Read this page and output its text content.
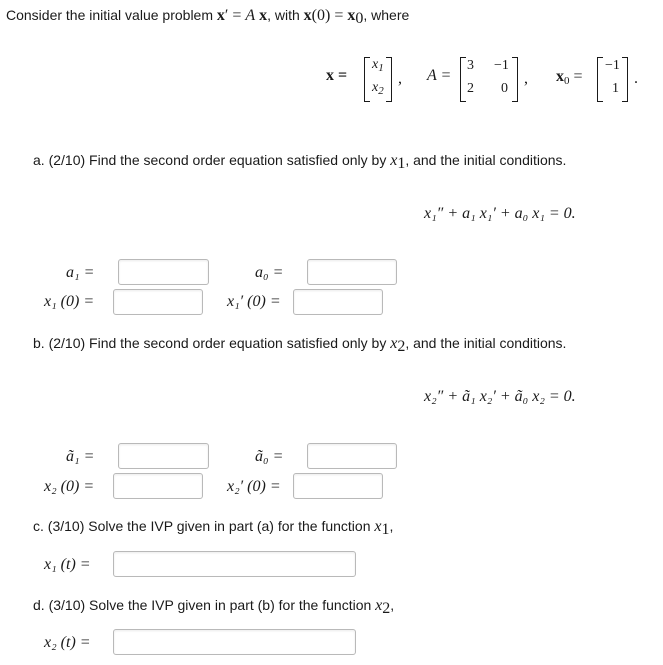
Consider the initial value problem x′ = A x, with $x(0) = x_0$, where
x =
$x_1$
$x_2$
, A =
3 −1
2 0
, $x_0$ =
−1
1
.
a. (2/10) Find the second order equation satisfied only by $x_1$, and the initial conditions.
x₁″ + a₁ x₁′ + a₀ x₁ = 0.
a₁ =	a₀ =
x₁ (0) =	x₁′ (0) =
b. (2/10) Find the second order equation satisfied only by $x_2$, and the initial conditions.
x₂″ + ã₁ x₂′ + ã₀ x₂ = 0.
ã₁ =	ã₀ =
x₂ (0) =	x₂′ (0) =
c. (3/10) Solve the IVP given in part (a) for the function $x_1$,
x₁ (t) =
d. (3/10) Solve the IVP given in part (b) for the function $x_2$,
x₂ (t) =
